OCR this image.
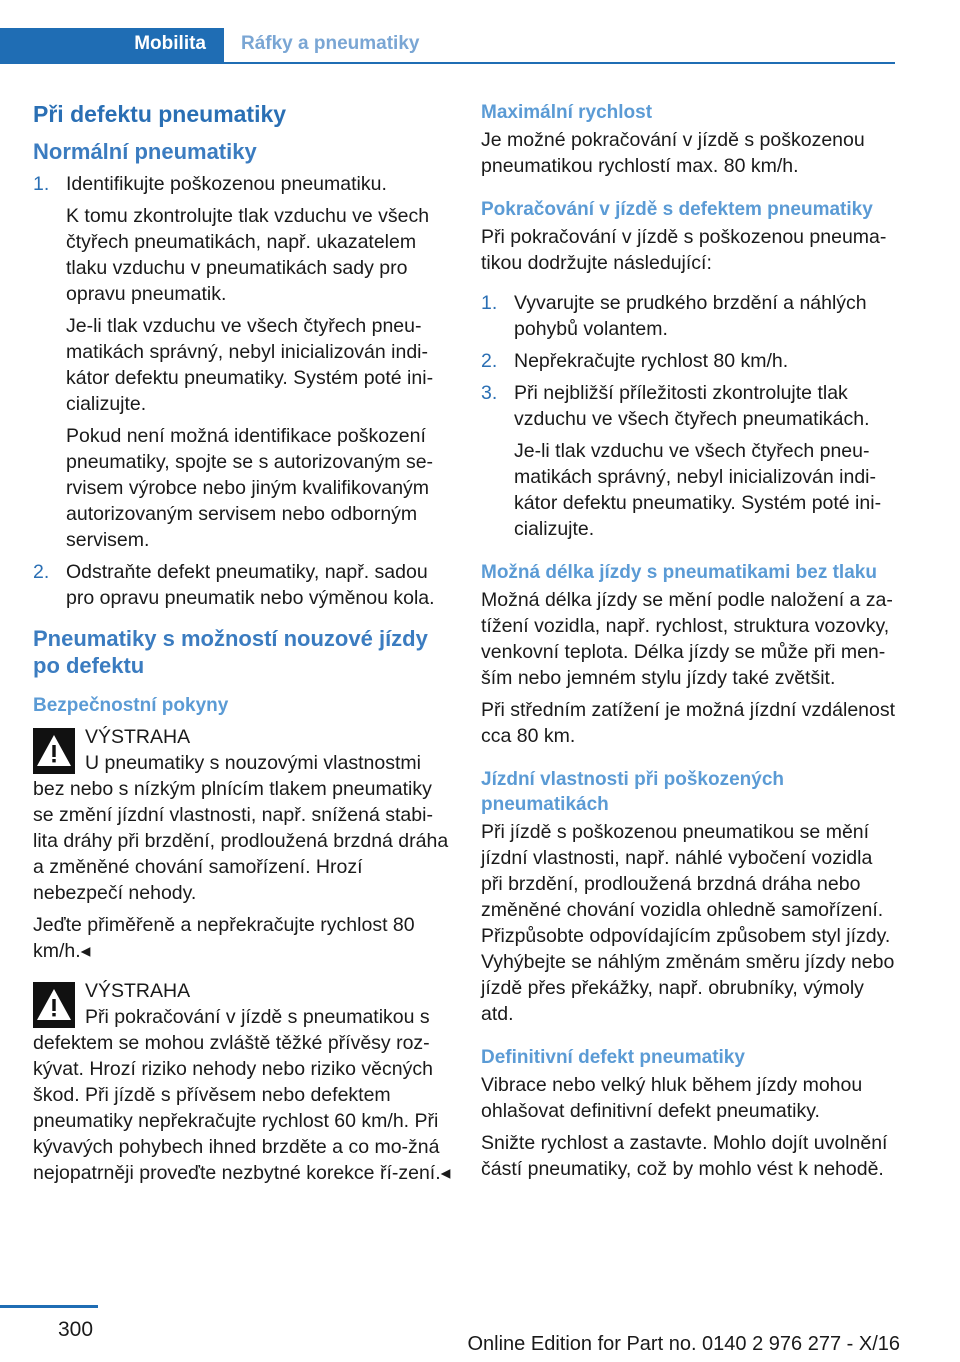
Mobilita Ráfky a pneumatiky
Při defektu pneumatiky
Normální pneumatiky
1. Identifikujte poškozenou pneumatiku.

K tomu zkontrolujte tlak vzduchu ve všech čtyřech pneumatikách, např. ukazatelem tlaku vzduchu v pneumatikách sady pro opravu pneumatik.

Je-li tlak vzduchu ve všech čtyřech pneu-matikách správný, nebyl inicializován indi-kátor defektu pneumatiky. Systém poté ini-cializujte.

Pokud není možná identifikace poškození pneumatiky, spojte se s autorizovaným se-rvisem výrobce nebo jiným kvalifikovaným autorizovaným servisem nebo odborným servisem.

2. Odstraňte defekt pneumatiky, např. sadou pro opravu pneumatik nebo výměnou kola.

Pneumatiky s možností nouzové jízdy po defektu
Bezpečnostní pokyny
VÝSTRAHA

U pneumatiky s nouzovými vlastnostmi bez nebo s nízkým plnícím tlakem pneumatiky se změní jízdní vlastnosti, např. snížená stabi-lita dráhy při brzdění, prodloužená brzdná dráha a změněné chování samořízení. Hrozí nebezpečí nehody.

Jeďte přiměřeně a nepřekračujte rychlost 80 km/h.◂

VÝSTRAHA

Při pokračování v jízdě s pneumatikou s defektem se mohou zvláště těžké přívěsy roz-kývat. Hrozí riziko nehody nebo riziko věcných škod. Při jízdě s přívěsem nebo defektem pneumatiky nepřekračujte rychlost 60 km/h. Při kývavých pohybech ihned brzděte a co mo-žná nejopatrněji proveďte nezbytné korekce ří-zení.◂

Maximální rychlost

Je možné pokračování v jízdě s poškozenou pneumatikou rychlostí max. 80 km/h.

Pokračování v jízdě s defektem pneumatiky

Při pokračování v jízdě s poškozenou pneuma-tikou dodržujte následující:

1. Vyvarujte se prudkého brzdění a náhlých pohybů volantem.

2. Nepřekračujte rychlost 80 km/h.

3. Při nejbližší příležitosti zkontrolujte tlak vzduchu ve všech čtyřech pneumatikách.

Je-li tlak vzduchu ve všech čtyřech pneu-matikách správný, nebyl inicializován indi-kátor defektu pneumatiky. Systém poté ini-cializujte.

Možná délka jízdy s pneumatikami bez tlaku

Možná délka jízdy se mění podle naložení a za-tížení vozidla, např. rychlost, struktura vozovky, venkovní teplota. Délka jízdy se může při men-ším nebo jemném stylu jízdy také zvětšit.

Při středním zatížení je možná jízdní vzdálenost cca 80 km.

Jízdní vlastnosti při poškozených pneumatikách

Při jízdě s poškozenou pneumatikou se mění jízdní vlastnosti, např. náhlé vybočení vozidla při brzdění, prodloužená brzdná dráha nebo změněné chování vozidla ohledně samořízení. Přizpůsobte odpovídajícím způsobem styl jízdy. Vyhýbejte se náhlým změnám směru jízdy nebo jízdě přes překážky, např. obrubníky, výmoly atd.

Definitivní defekt pneumatiky

Vibrace nebo velký hluk během jízdy mohou ohlašovat definitivní defekt pneumatiky.

Snižte rychlost a zastavte. Mohlo dojít uvolnění částí pneumatiky, což by mohlo vést k nehodě.

300
Online Edition for Part no. 0140 2 976 277 - X/16
